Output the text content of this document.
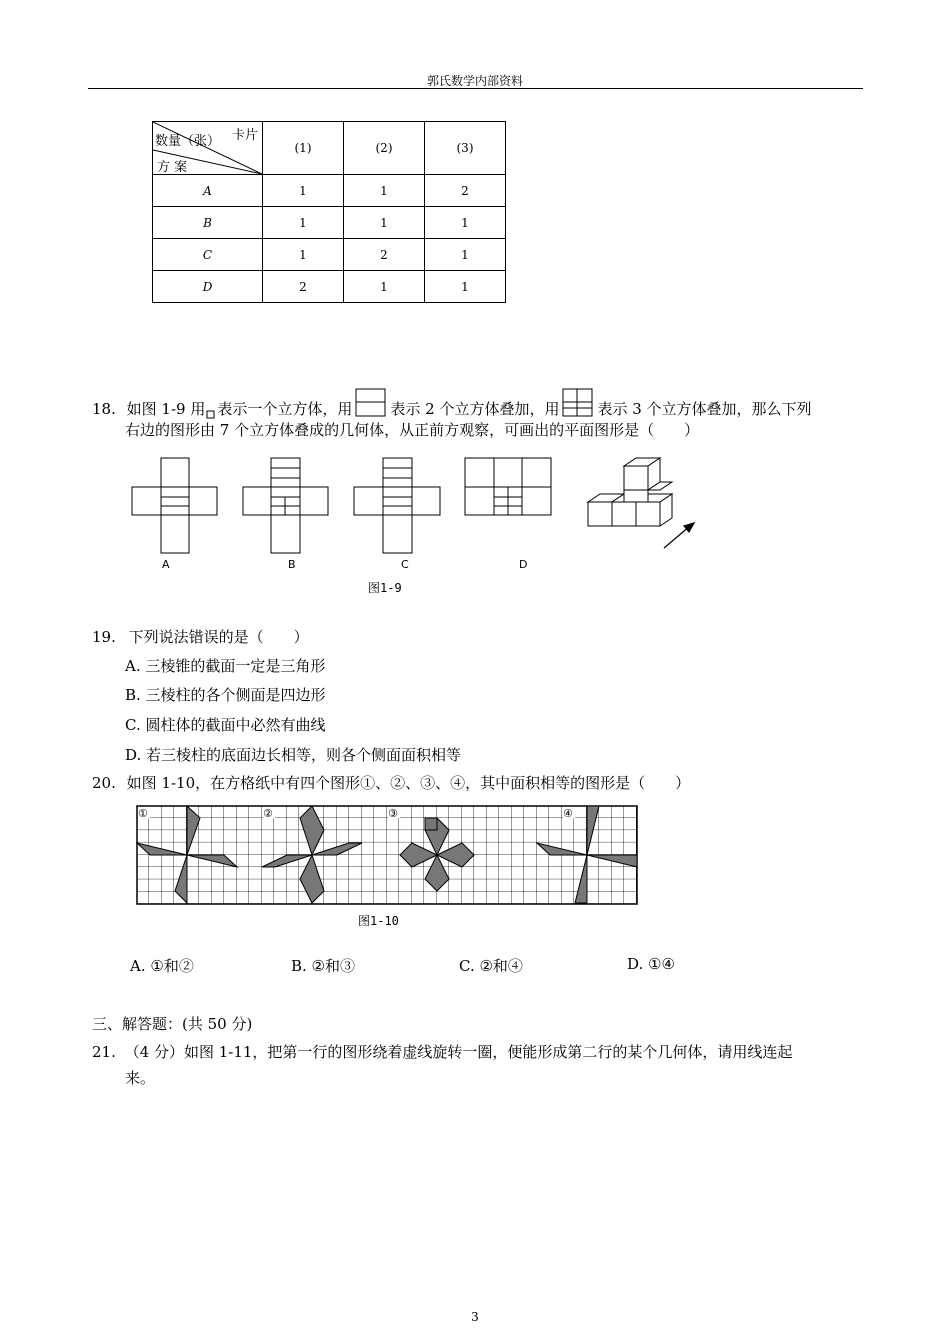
郭氏数学内部资料
卡片
数量（张）
方 案	(1)	(2)	(3)
A	1	1	2
B	1	1	1
C	1	2	1
D	2	1	1
18. 如图 1-9 用 表示一个立方体，用	表示 2 个立方体叠加，用	表示 3 个立方体叠加，那么下列
右边的图形由 7 个立方体叠成的几何体，从正前方观察，可画出的平面图形是（　　）
A	B	C	D
图1-9
19. 下列说法错误的是（　　）
A. 三棱锥的截面一定是三角形
B. 三棱柱的各个侧面是四边形
C. 圆柱体的截面中必然有曲线
D. 若三棱柱的底面边长相等，则各个侧面面积相等
20. 如图 1-10，在方格纸中有四个图形①、②、③、④，其中面积相等的图形是（　　）
①	②	③	④
图1-10
A. ①和②	B. ②和③	C. ②和④	D. ①④
三、解答题：(共 50 分)
21. （4 分）如图 1-11，把第一行的图形绕着虚线旋转一圈，便能形成第二行的某个几何体，请用线连起
来。
3
